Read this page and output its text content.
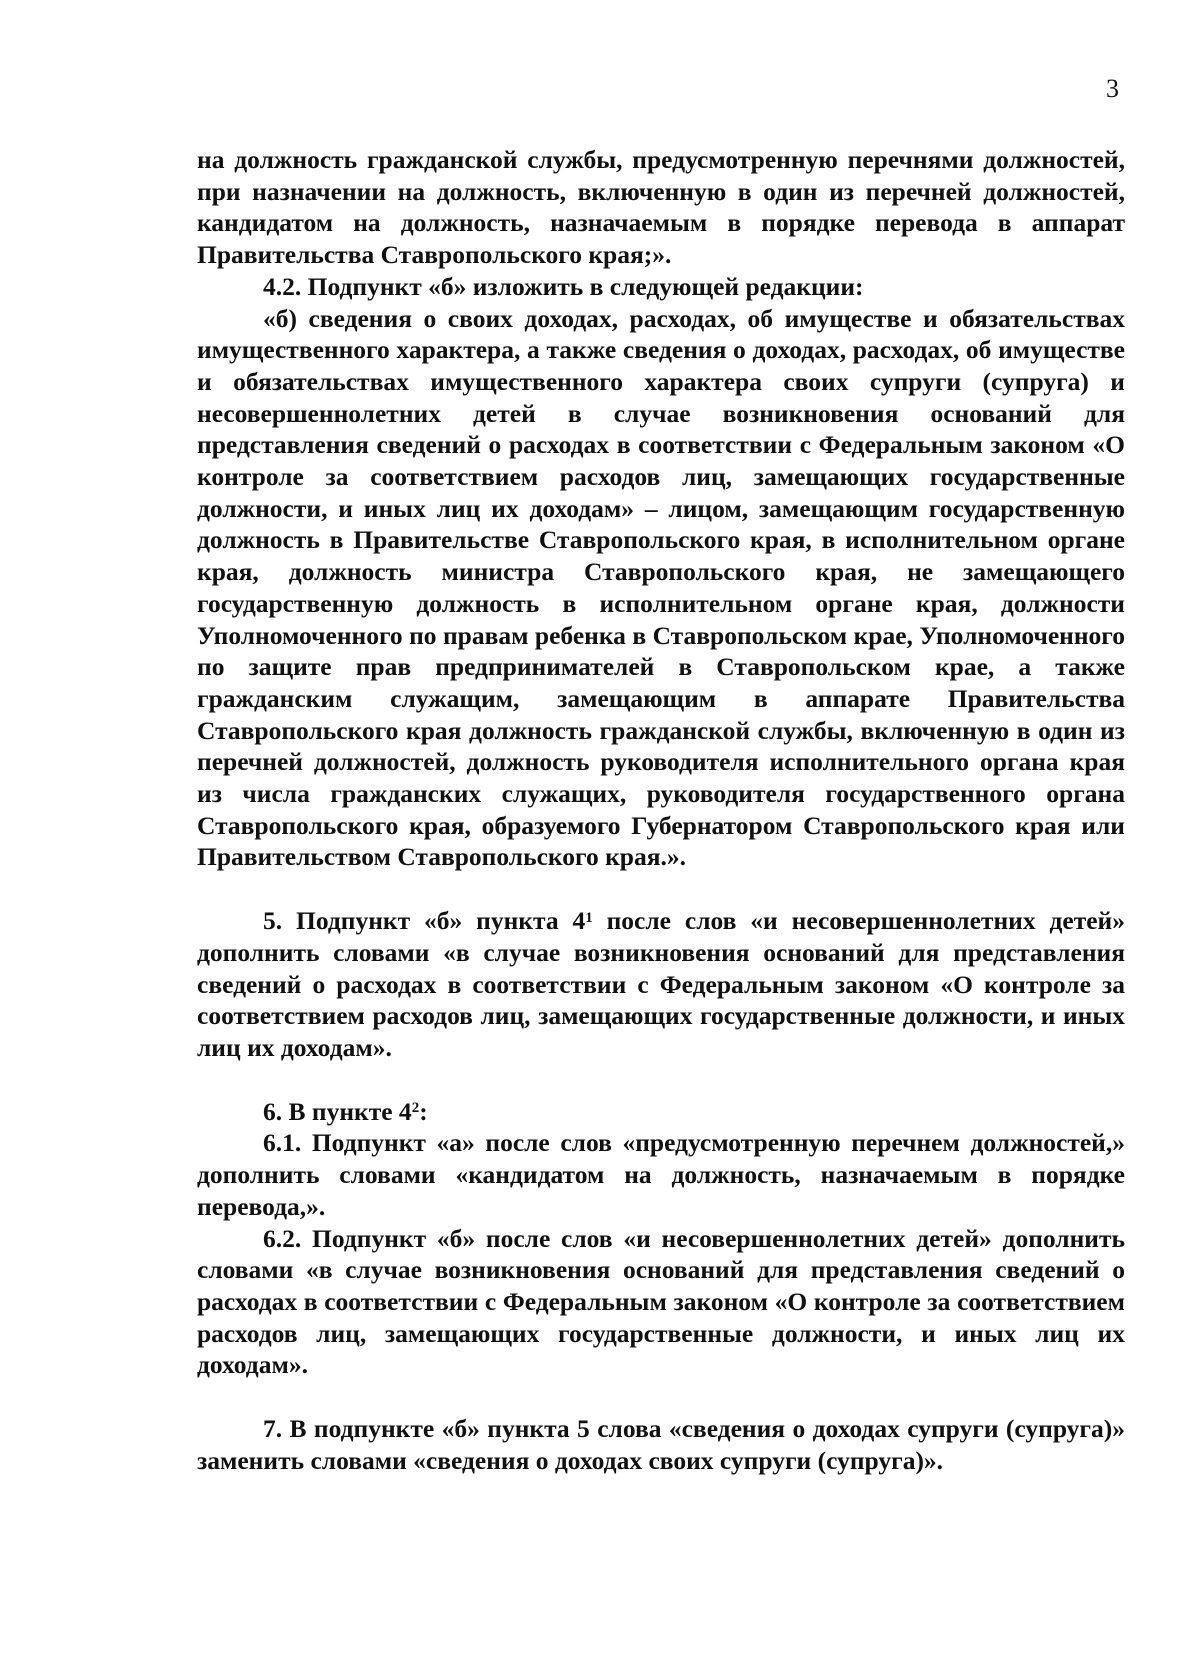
3

на должность гражданской службы, предусмотренную перечнями должностей, при назначении на должность, включенную в один из перечней должностей, кандидатом на должность, назначаемым в порядке перевода в аппарат Правительства Ставропольского края;».

4.2. Подпункт «б» изложить в следующей редакции:

«б) сведения о своих доходах, расходах, об имуществе и обязательствах имущественного характера, а также сведения о доходах, расходах, об имуществе и обязательствах имущественного характера своих супруги (супруга) и несовершеннолетних детей в случае возникновения оснований для представления сведений о расходах в соответствии с Федеральным законом «О контроле за соответствием расходов лиц, замещающих государственные должности, и иных лиц их доходам» – лицом, замещающим государственную должность в Правительстве Ставропольского края, в исполнительном органе края, должность министра Ставропольского края, не замещающего государственную должность в исполнительном органе края, должности Уполномоченного по правам ребенка в Ставропольском крае, Уполномоченного по защите прав предпринимателей в Ставропольском крае, а также гражданским служащим, замещающим в аппарате Правительства Ставропольского края должность гражданской службы, включенную в один из перечней должностей, должность руководителя исполнительного органа края из числа гражданских служащих, руководителя государственного органа Ставропольского края, образуемого Губернатором Ставропольского края или Правительством Ставропольского края.».

5. Подпункт «б» пункта $4^1$ после слов «и несовершеннолетних детей» дополнить словами «в случае возникновения оснований для представления сведений о расходах в соответствии с Федеральным законом «О контроле за соответствием расходов лиц, замещающих государственные должности, и иных лиц их доходам».

6. В пункте $4^2$:

6.1. Подпункт «а» после слов «предусмотренную перечнем должностей,» дополнить словами «кандидатом на должность, назначаемым в порядке перевода,».

6.2. Подпункт «б» после слов «и несовершеннолетних детей» дополнить словами «в случае возникновения оснований для представления сведений о расходах в соответствии с Федеральным законом «О контроле за соответствием расходов лиц, замещающих государственные должности, и иных лиц их доходам».

7. В подпункте «б» пункта 5 слова «сведения о доходах супруги (супруга)» заменить словами «сведения о доходах своих супруги (супруга)».
